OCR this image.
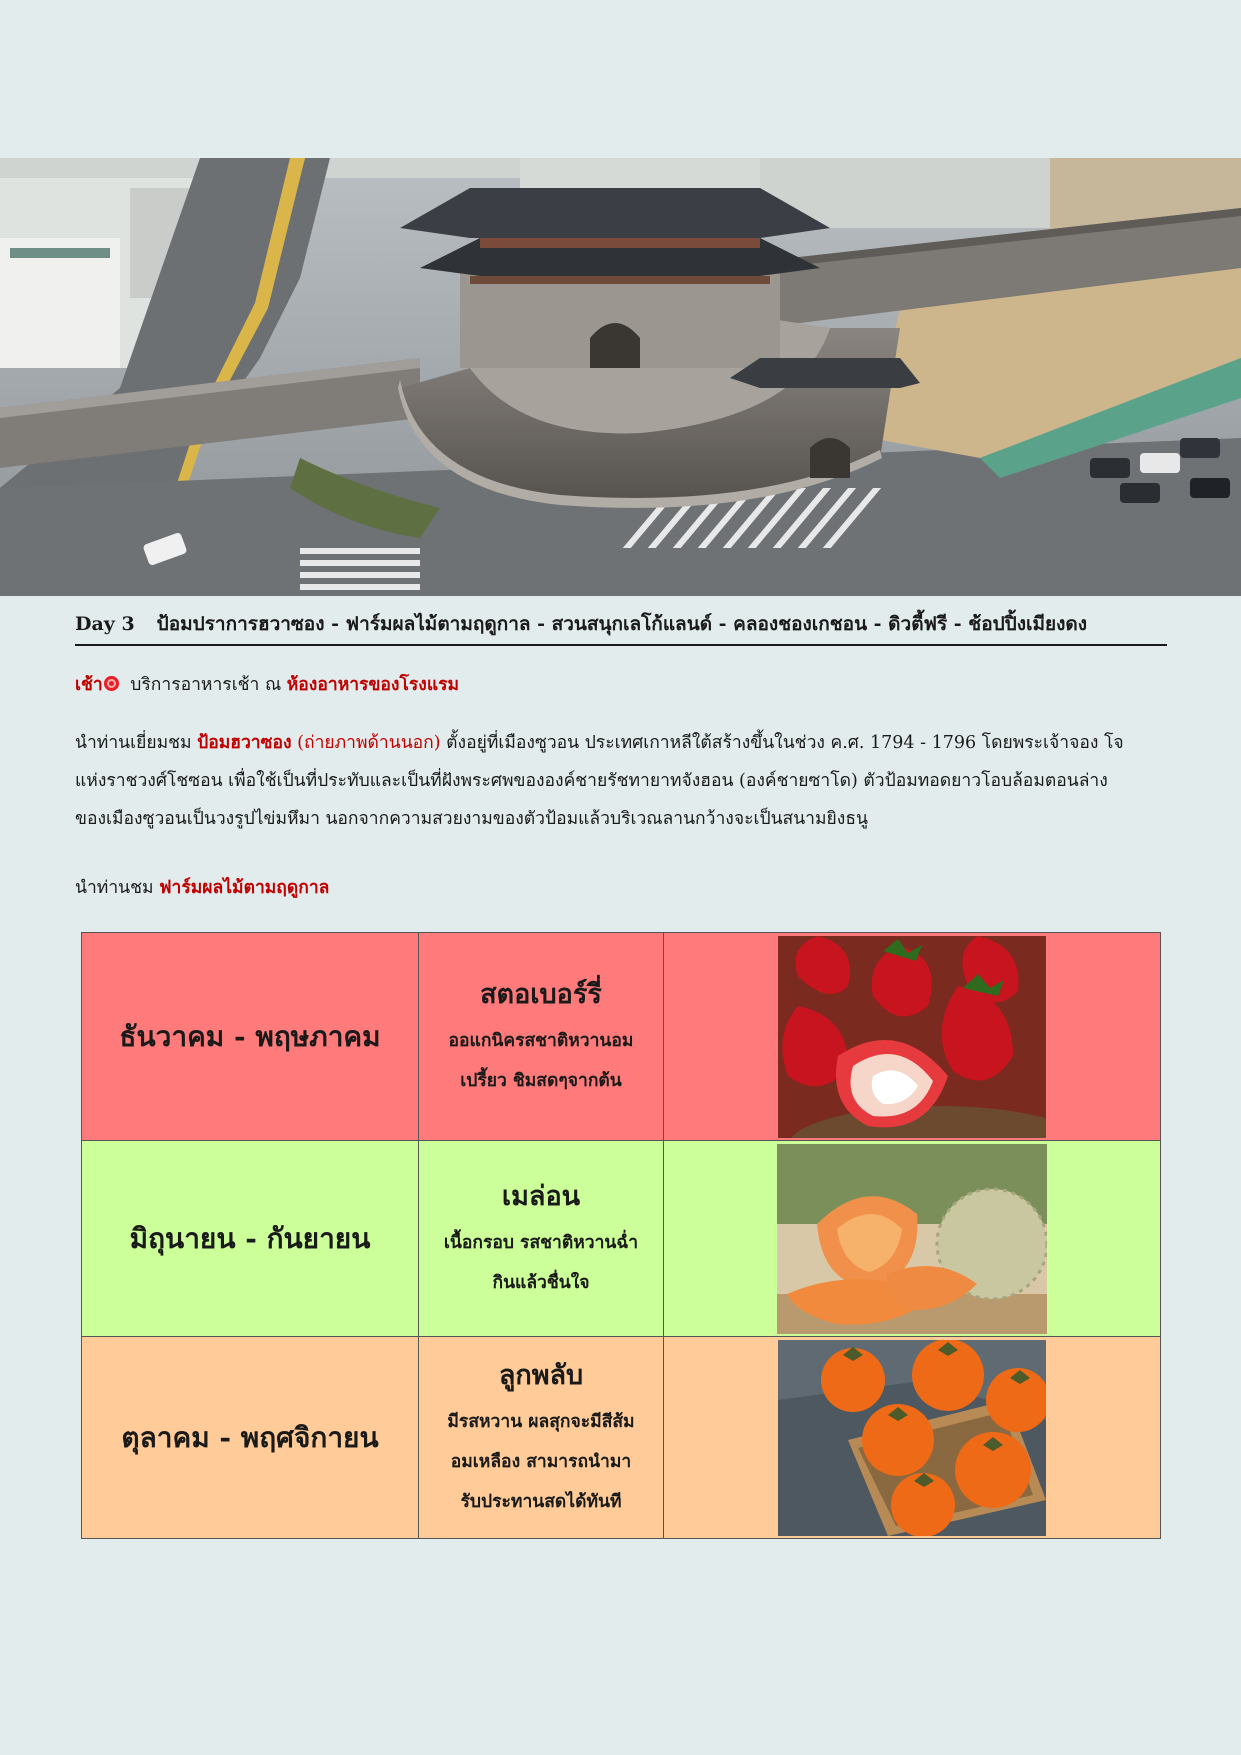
Day 3 ป้อมปราการฮวาซอง - ฟาร์มผลไม้ตามฤดูกาล - สวนสนุกเลโก้แลนด์ - คลองชองเกชอน - ดิวตี้ฟรี - ช้อปปิ้งเมียงดง
เช้า บริการอาหารเช้า ณ ห้องอาหารของโรงแรม
นำท่านเยี่ยมชม ป้อมฮวาซอง (ถ่ายภาพด้านนอก) ตั้งอยู่ที่เมืองซูวอน ประเทศเกาหลีใต้สร้างขึ้นในช่วง ค.ศ. 1794 - 1796 โดยพระเจ้าจอง โจ
แห่งราชวงศ์โชซอน เพื่อใช้เป็นที่ประทับและเป็นที่ฝังพระศพขององค์ชายรัชทายาทจังฮอน (องค์ชายซาโด) ตัวป้อมทอดยาวโอบล้อมตอนล่าง
ของเมืองซูวอนเป็นวงรูปไข่มหึมา นอกจากความสวยงามของตัวป้อมแล้วบริเวณลานกว้างจะเป็นสนามยิงธนู
นำท่านชม ฟาร์มผลไม้ตามฤดูกาล
ธันวาคม - พฤษภาคม	สตอเบอร์รี่
ออแกนิครสชาติหวานอม
เปรี้ยว ชิมสดๆจากต้น

มิถุนายน - กันยายน	เมล่อน
เนื้อกรอบ รสชาติหวานฉ่ำ
กินแล้วชื่นใจ

ตุลาคม - พฤศจิกายน	ลูกพลับ
มีรสหวาน ผลสุกจะมีสีส้ม
อมเหลือง สามารถนำมา
รับประทานสดได้ทันที
